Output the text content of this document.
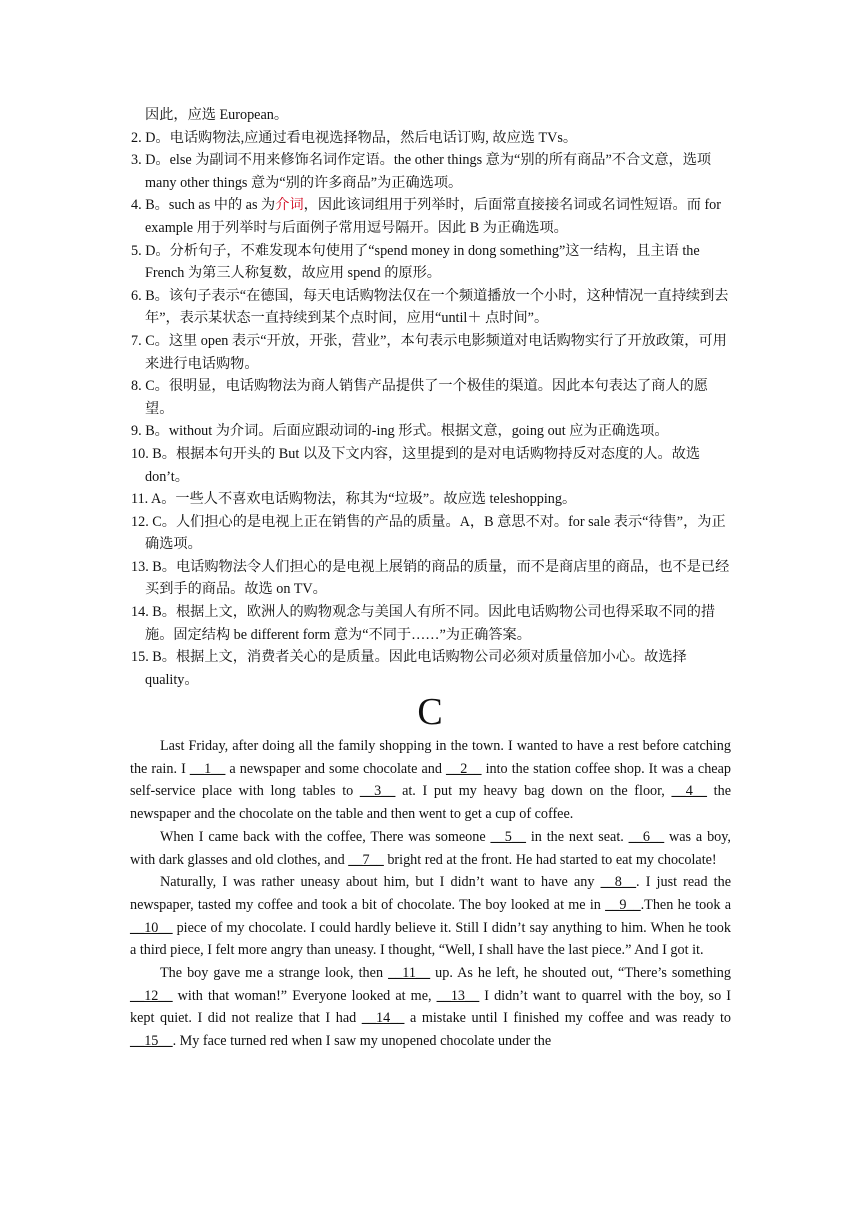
因此，应选 European。
2. D。电话购物法,应通过看电视选择物品，然后电话订购, 故应选 TVs。
3. D。else 为副词不用来修饰名词作定语。the other things 意为“别的所有商品”不合文意，选项 many other things 意为“别的许多商品”为正确选项。
4. B。such as 中的 as 为介词，因此该词组用于列举时，后面常直接接名词或名词性短语。而 for example 用于列举时与后面例子常用逗号隔开。因此 B 为正确选项。
5. D。分析句子，不难发现本句使用了“spend money in dong something”这一结构，且主语 the French 为第三人称复数，故应用 spend 的原形。
6. B。该句子表示“在德国，每天电话购物法仅在一个频道播放一个小时，这种情况一直持续到去年”，表示某状态一直持续到某个点时间，应用“until＋ 点时间”。
7. C。这里 open 表示“开放，开张，营业”，本句表示电影频道对电话购物实行了开放政策，可用来进行电话购物。
8. C。很明显，电话购物法为商人销售产品提供了一个极佳的渠道。因此本句表达了商人的愿望。
9. B。without 为介词。后面应跟动词的-ing 形式。根据文意，going out 应为正确选项。
10. B。根据本句开头的 But 以及下文内容，这里提到的是对电话购物持反对态度的人。故选 don’t。
11. A。一些人不喜欢电话购物法，称其为“垃圾”。故应选 teleshopping。
12. C。人们担心的是电视上正在销售的产品的质量。A，B 意思不对。for sale 表示“待售”，为正确选项。
13. B。电话购物法令人们担心的是电视上展销的商品的质量，而不是商店里的商品，也不是已经买到手的商品。故选 on TV。
14. B。根据上文，欧洲人的购物观念与美国人有所不同。因此电话购物公司也得采取不同的措施。固定结构 be different form 意为“不同于……”为正确答案。
15. B。根据上文，消费者关心的是质量。因此电话购物公司必须对质量倍加小心。故选择 quality。
C

Last Friday, after doing all the family shopping in the town. I wanted to have a rest before catching the rain. I __1__ a newspaper and some chocolate and __2__ into the station coffee shop. It was a cheap self-service place with long tables to __3__ at. I put my heavy bag down on the floor, __4__ the newspaper and the chocolate on the table and then went to get a cup of coffee.

When I came back with the coffee, There was someone __5__ in the next seat. __6__ was a boy, with dark glasses and old clothes, and __7__ bright red at the front. He had started to eat my chocolate!

Naturally, I was rather uneasy about him, but I didn’t want to have any __8__. I just read the newspaper, tasted my coffee and took a bit of chocolate. The boy looked at me in __9__.Then he took a __10__ piece of my chocolate. I could hardly believe it. Still I didn’t say anything to him. When he took a third piece, I felt more angry than uneasy. I thought, “Well, I shall have the last piece.” And I got it.

The boy gave me a strange look, then __11__ up. As he left, he shouted out, “There’s something __12__ with that woman!” Everyone looked at me, __13__ I didn’t want to quarrel with the boy, so I kept quiet. I did not realize that I had __14__ a mistake until I finished my coffee and was ready to __15__. My face turned red when I saw my unopened chocolate under the
